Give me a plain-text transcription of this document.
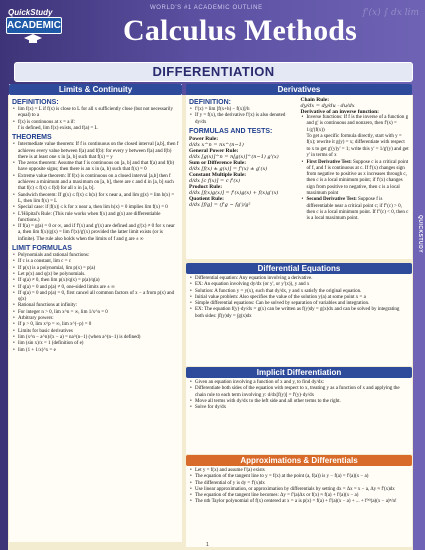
WORLD'S #1 ACADEMIC OUTLINE
QuickStudy
ACADEMIC	Calculus Methods
f'(x) ∫ dx lim
DIFFERENTIATION
QUICKSTUDY
Limits & Continuity
DEFINITIONS:
• lim f(x) = L if f(x) is close to L for all x sufficiently close (but not necessarily equal) to a
• f(x) is continuous at x = a if:

f is defined, lim f(x) exists, and f(a) = L

THEOREMS
• Intermediate value theorem: If f is continuous on the closed interval [a,b], then f achieves every value between f(a) and f(b): for every y between f(a) and f(b) there is at least one x in [a, b] such that f(x) = y
• The zeros theorem: Assume that f is continuous on [a, b] and that f(a) and f(b) have opposite signs; then there is an x in (a, b) such that f(x) = 0
• Extreme value theorem: If f(x) is continuous on a closed interval [a,b] then f achieves a minimum and a maximum on [a, b], there are c and d in [a, b] such that f(c) ≤ f(x) ≤ f(d) for all x in [a, b].
• Sandwich theorem: If g(x) ≤ f(x) ≤ h(x) for x near a, and lim g(x) = lim h(x) = L, then lim f(x) = L
• Special case: if |f(x)| ≤ k for x near a, then lim h(x) = 0 implies lim f(x) = 0
• L'Hôpital's Rule: (This rule works when f(x) and g(x) are differentiable functions.)
• If f(a) = g(a) = 0 or ∞, and if f'(x) and g'(x) are defined and g'(x) ≠ 0 for x near a, then lim f(x)/g(x) = lim f'(x)/g'(x) provided the latter limit exists (or is infinite). The rule also holds when the limits of f and g are ± ∞
LIMIT FORMULAS
• Polynomials and rational functions:
• If c is a constant, lim c = c
• If p(x) is a polynomial, lim p(x) = p(a)
• Let p(x) and q(x) be polynomials.
• If q(a) ≠ 0, then lim p(x)/q(x) = p(a)/q(a)
• If q(a) = 0 and p(a) ≠ 0, one-sided limits are ± ∞
• If q(a) = 0 and p(a) = 0, first cancel all common factors of x − a from p(x) and q(x)
• Rational functions at infinity:
• For integer n > 0, lim x^n = ∞, lim 1/x^n = 0
• Arbitrary powers:
• If p > 0, lim x^p = ∞, lim x^(−p) = 0
• Limits for basic derivatives
• lim (x^n − a^n)/(x − a) = na^(n−1) (when a^(n−1) is defined)
• lim (sin x)/x = 1 (definition of e)
• lim (1 + 1/x)^x = e
Derivatives
DEFINITION:
• f'(x) = lim [f(x+h) − f(x)]/h
• If y = f(x), the derivative f'(x) is also denoted dy/dx
FORMULAS AND TESTS:
Power Rule:

d/dx x^n = nx^(n−1)

General Power Rule:

d/dx [g(x)]^n = n[g(x)]^(n−1) g'(x)

Sum or Difference Rule:

d/dx [f(x) ± g(x)] = f'(x) ± g'(x)

Constant Multiple Rule:

d/dx [c f(x)] = c f'(x)

Product Rule:

d/dx [f(x)g(x)] = f'(x)g(x) + f(x)g'(x)

Quotient Rule:

d/dx [f/g] = (f'g − fg')/g²

Chain Rule:

dy/dx = dy/du · du/dx

Derivative of an inverse function:
• Inverse functions: If f is the inverse of a function g and g' is continuous and nonzero, then f'(x) = 1/g'(f(x))

To get a specific formula directly, start with y = f(x); rewrite it g(y) = x; differentiate with respect to x to get g'(y)y' = 1; write this y' = 1/g'(y) and get y' in terms of x

• First Derivative Test: Suppose c is a critical point of f, and f is continuous at c. If f'(x) changes sign from negative to positive as x increases through c, then c is a local minimum point; if f'(x) changes sign from positive to negative, then c is a local maximum point
• Second Derivative Test: Suppose f is differentiable near a critical point c; if f''(c) > 0, then c is a local minimum point. If f''(c) < 0, then c is a local maximum point.
Differential Equations
• Differential equation: Any equation involving a derivative.
• EX: An equation involving dy/dx (or y', or y'(x)), y and x
• Solution: A function y = y(x), such that dy/dx, y and x satisfy the original equation.
• Initial value problem: Also specifies the value of the solution y(a) at some point x = a
• Simple differential equations: Can be solved by separation of variables and integration.
• EX: The equation f(y)·dy/dx = g(x) can be written as f(y)dy = g(x)dx and can be solved by integrating both sides: ∫f(y)dy = ∫g(x)dx
Implicit Differentiation
• Given an equation involving a function of x and y, to find dy/dx:
• Differentiate both sides of the equation with respect to x, treating y as a function of x and applying the chain rule to each term involving y: d/dx[f(y)] = f'(y)·dy/dx
• Move all terms with dy/dx to the left side and all other terms to the right.
• Solve for dy/dx
Approximations & Differentials
• Let y = f(x) and assume f'(a) exists
• The equation of the tangent line to y = f(x) at the point (a, f(a)) is y − f(a) = f'(a)(x − a)
• The differential of y is dy = f'(x)dx
• Use linear approximation, or approximation by differentials by setting dx = Δx = x − a, Δy ≈ f'(x)dx
• The equation of the tangent line becomes: Δy = f'(a)Δx or f(x) ≈ f(a) + f'(a)(x − a)
• The nth Taylor polynomial of f(x) centered at x = a is p(x) = f(a) + f'(a)(x − a) + ... + f⁽ⁿ⁾(a)(x − a)ⁿ/n!
1
